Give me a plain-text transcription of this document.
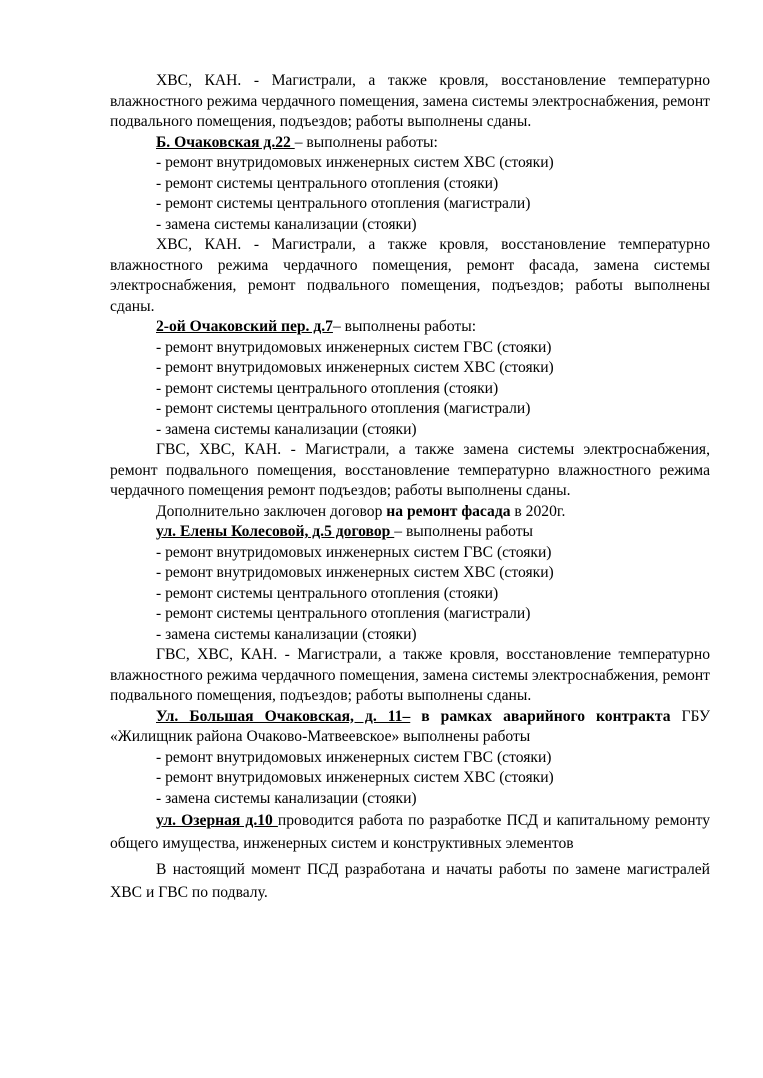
ХВС, КАН. - Магистрали, а также кровля, восстановление температурно влажностного режима чердачного помещения, замена системы электроснабжения, ремонт подвального помещения, подъездов; работы выполнены сданы.

Б. Очаковская д.22 – выполнены работы:

- ремонт внутридомовых инженерных систем ХВС (стояки)

- ремонт системы центрального отопления (стояки)

- ремонт системы центрального отопления (магистрали)

- замена системы канализации (стояки)

ХВС, КАН. - Магистрали, а также кровля, восстановление температурно влажностного режима чердачного помещения, ремонт фасада, замена системы электроснабжения, ремонт подвального помещения, подъездов; работы выполнены сданы.

2-ой Очаковский пер. д.7– выполнены работы:

- ремонт внутридомовых инженерных систем ГВС (стояки)

- ремонт внутридомовых инженерных систем ХВС (стояки)

- ремонт системы центрального отопления (стояки)

- ремонт системы центрального отопления (магистрали)

- замена системы канализации (стояки)

ГВС, ХВС, КАН. - Магистрали, а также замена системы электроснабжения, ремонт подвального помещения, восстановление температурно влажностного режима чердачного помещения ремонт подъездов; работы выполнены сданы.

Дополнительно заключен договор на ремонт фасада в 2020г.

ул. Елены Колесовой, д.5 договор – выполнены работы

- ремонт внутридомовых инженерных систем ГВС (стояки)

- ремонт внутридомовых инженерных систем ХВС (стояки)

- ремонт системы центрального отопления (стояки)

- ремонт системы центрального отопления (магистрали)

- замена системы канализации (стояки)

ГВС, ХВС, КАН. - Магистрали, а также кровля, восстановление температурно влажностного режима чердачного помещения, замена системы электроснабжения, ремонт подвального помещения, подъездов; работы выполнены сданы.

Ул. Большая Очаковская, д. 11– в рамках аварийного контракта ГБУ «Жилищник района Очаково-Матвеевское» выполнены работы

- ремонт внутридомовых инженерных систем ГВС (стояки)

- ремонт внутридомовых инженерных систем ХВС (стояки)

- замена системы канализации (стояки)

ул. Озерная д.10 проводится работа по разработке ПСД и капитальному ремонту общего имущества, инженерных систем и конструктивных элементов

В настоящий момент ПСД разработана и начаты работы по замене магистралей ХВС и ГВС по подвалу.
